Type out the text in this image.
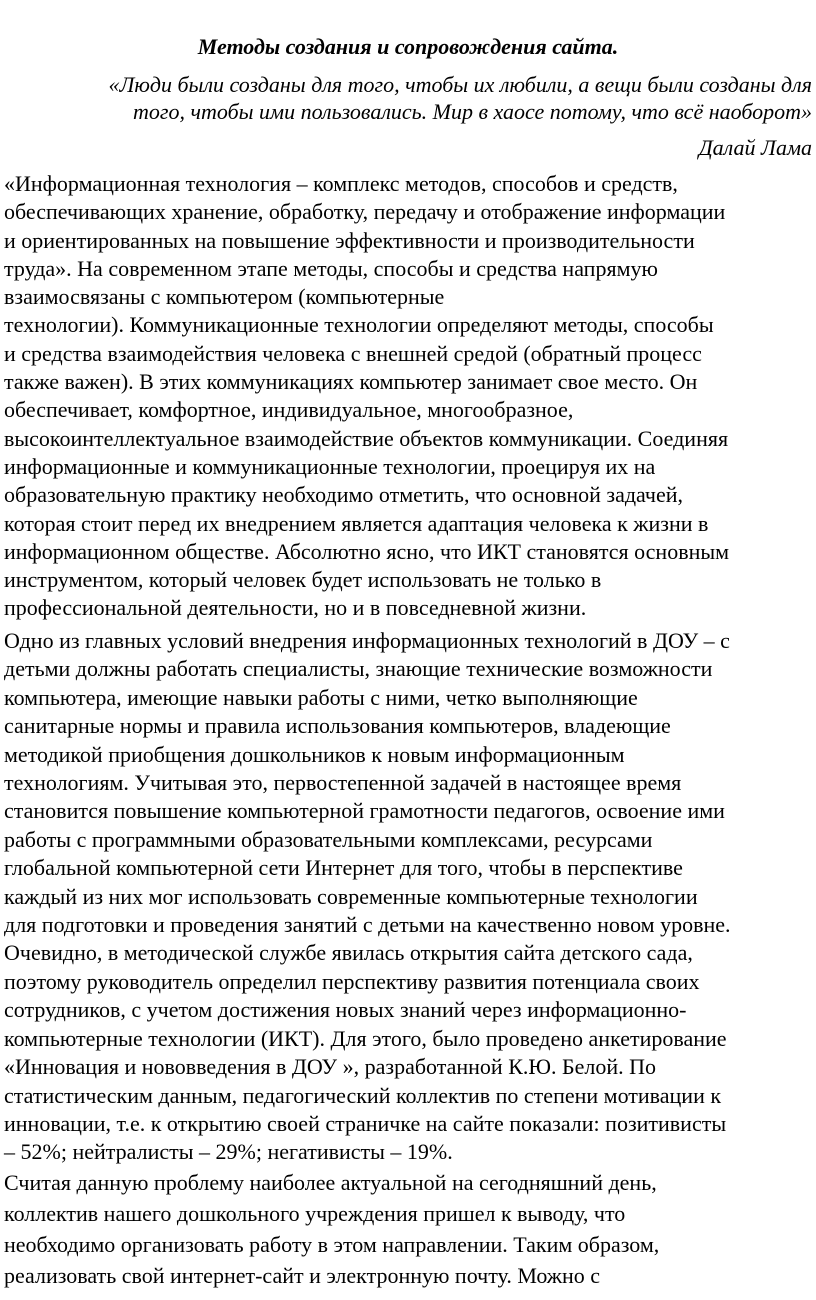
Методы создания и сопровождения сайта.
«Люди были созданы для того, чтобы их любили, а вещи были созданы для
того, чтобы ими пользовались. Мир в хаосе потому, что всё наоборот»
Далай Лама
«Информационная технология – комплекс методов, способов и средств,
обеспечивающих хранение, обработку, передачу и отображение информации
и ориентированных на повышение эффективности и производительности
труда». На современном этапе методы, способы и средства напрямую
взаимосвязаны с компьютером (компьютерные
технологии). Коммуникационные технологии определяют методы, способы
и средства взаимодействия человека с внешней средой (обратный процесс
также важен). В этих коммуникациях компьютер занимает свое место. Он
обеспечивает, комфортное, индивидуальное, многообразное,
высокоинтеллектуальное взаимодействие объектов коммуникации. Соединяя
информационные и коммуникационные технологии, проецируя их на
образовательную практику необходимо отметить, что основной задачей,
которая стоит перед их внедрением является адаптация человека к жизни в
информационном обществе. Абсолютно ясно, что ИКТ становятся основным
инструментом, который человек будет использовать не только в
профессиональной деятельности, но и в повседневной жизни.
Одно из главных условий внедрения информационных технологий в ДОУ – с
детьми должны работать специалисты, знающие технические возможности
компьютера, имеющие навыки работы с ними, четко выполняющие
санитарные нормы и правила использования компьютеров, владеющие
методикой приобщения дошкольников к новым информационным
технологиям. Учитывая это, первостепенной задачей в настоящее время
становится повышение компьютерной грамотности педагогов, освоение ими
работы с программными образовательными комплексами, ресурсами
глобальной компьютерной сети Интернет для того, чтобы в перспективе
каждый из них мог использовать современные компьютерные технологии
для подготовки и проведения занятий с детьми на качественно новом уровне.
Очевидно, в методической службе явилась открытия сайта детского сада,
поэтому руководитель определил перспективу развития потенциала своих
сотрудников, с учетом достижения новых знаний через информационно-
компьютерные технологии (ИКТ). Для этого, было проведено анкетирование
«Инновация и нововведения в ДОУ », разработанной К.Ю. Белой. По
статистическим данным, педагогический коллектив по степени мотивации к
инновации, т.е. к открытию своей страничке на сайте показали: позитивисты
– 52%; нейтралисты – 29%; негативисты – 19%.
Считая данную проблему наиболее актуальной на сегодняшний день,
коллектив нашего дошкольного учреждения пришел к выводу, что
необходимо организовать работу в этом направлении. Таким образом,
реализовать свой интернет-сайт и электронную почту. Можно с
